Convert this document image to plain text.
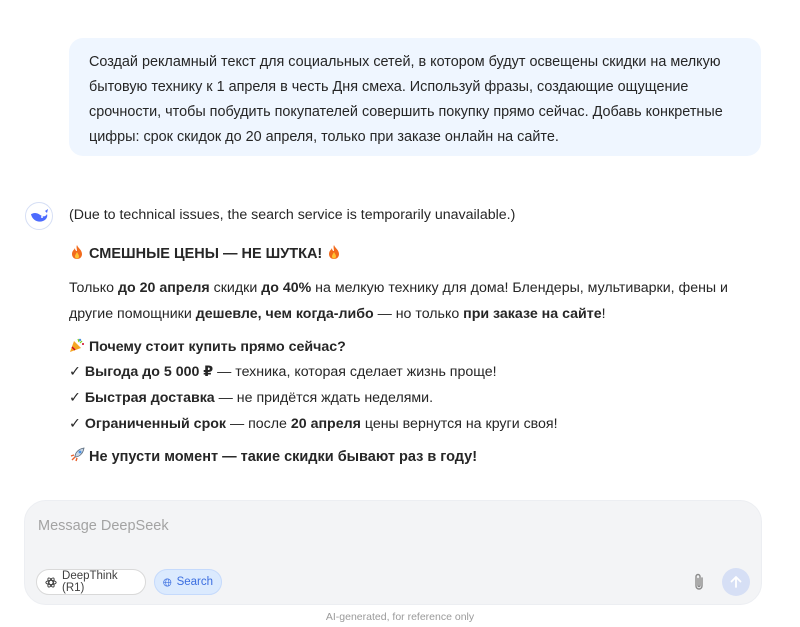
Создай рекламный текст для социальных сетей, в котором будут освещены скидки на мелкую бытовую технику к 1 апреля в честь Дня смеха. Используй фразы, создающие ощущение срочности, чтобы побудить покупателей совершить покупку прямо сейчас. Добавь конкретные цифры: срок скидок до 20 апреля, только при заказе онлайн на сайте.
(Due to technical issues, the search service is temporarily unavailable.)
СМЕШНЫЕ ЦЕНЫ — НЕ ШУТКА!
Только до 20 апреля скидки до 40% на мелкую технику для дома! Блендеры, мультиварки, фены и другие помощники дешевле, чем когда-либо — но только при заказе на сайте!
Почему стоит купить прямо сейчас?
✓ Выгода до 5 000 ₽ — техника, которая сделает жизнь проще!
✓ Быстрая доставка — не придётся ждать неделями.
✓ Ограниченный срок — после 20 апреля цены вернутся на круги своя!
Не упусти момент — такие скидки бывают раз в году!
Message DeepSeek
DeepThink (R1)	Search
AI-generated, for reference only
